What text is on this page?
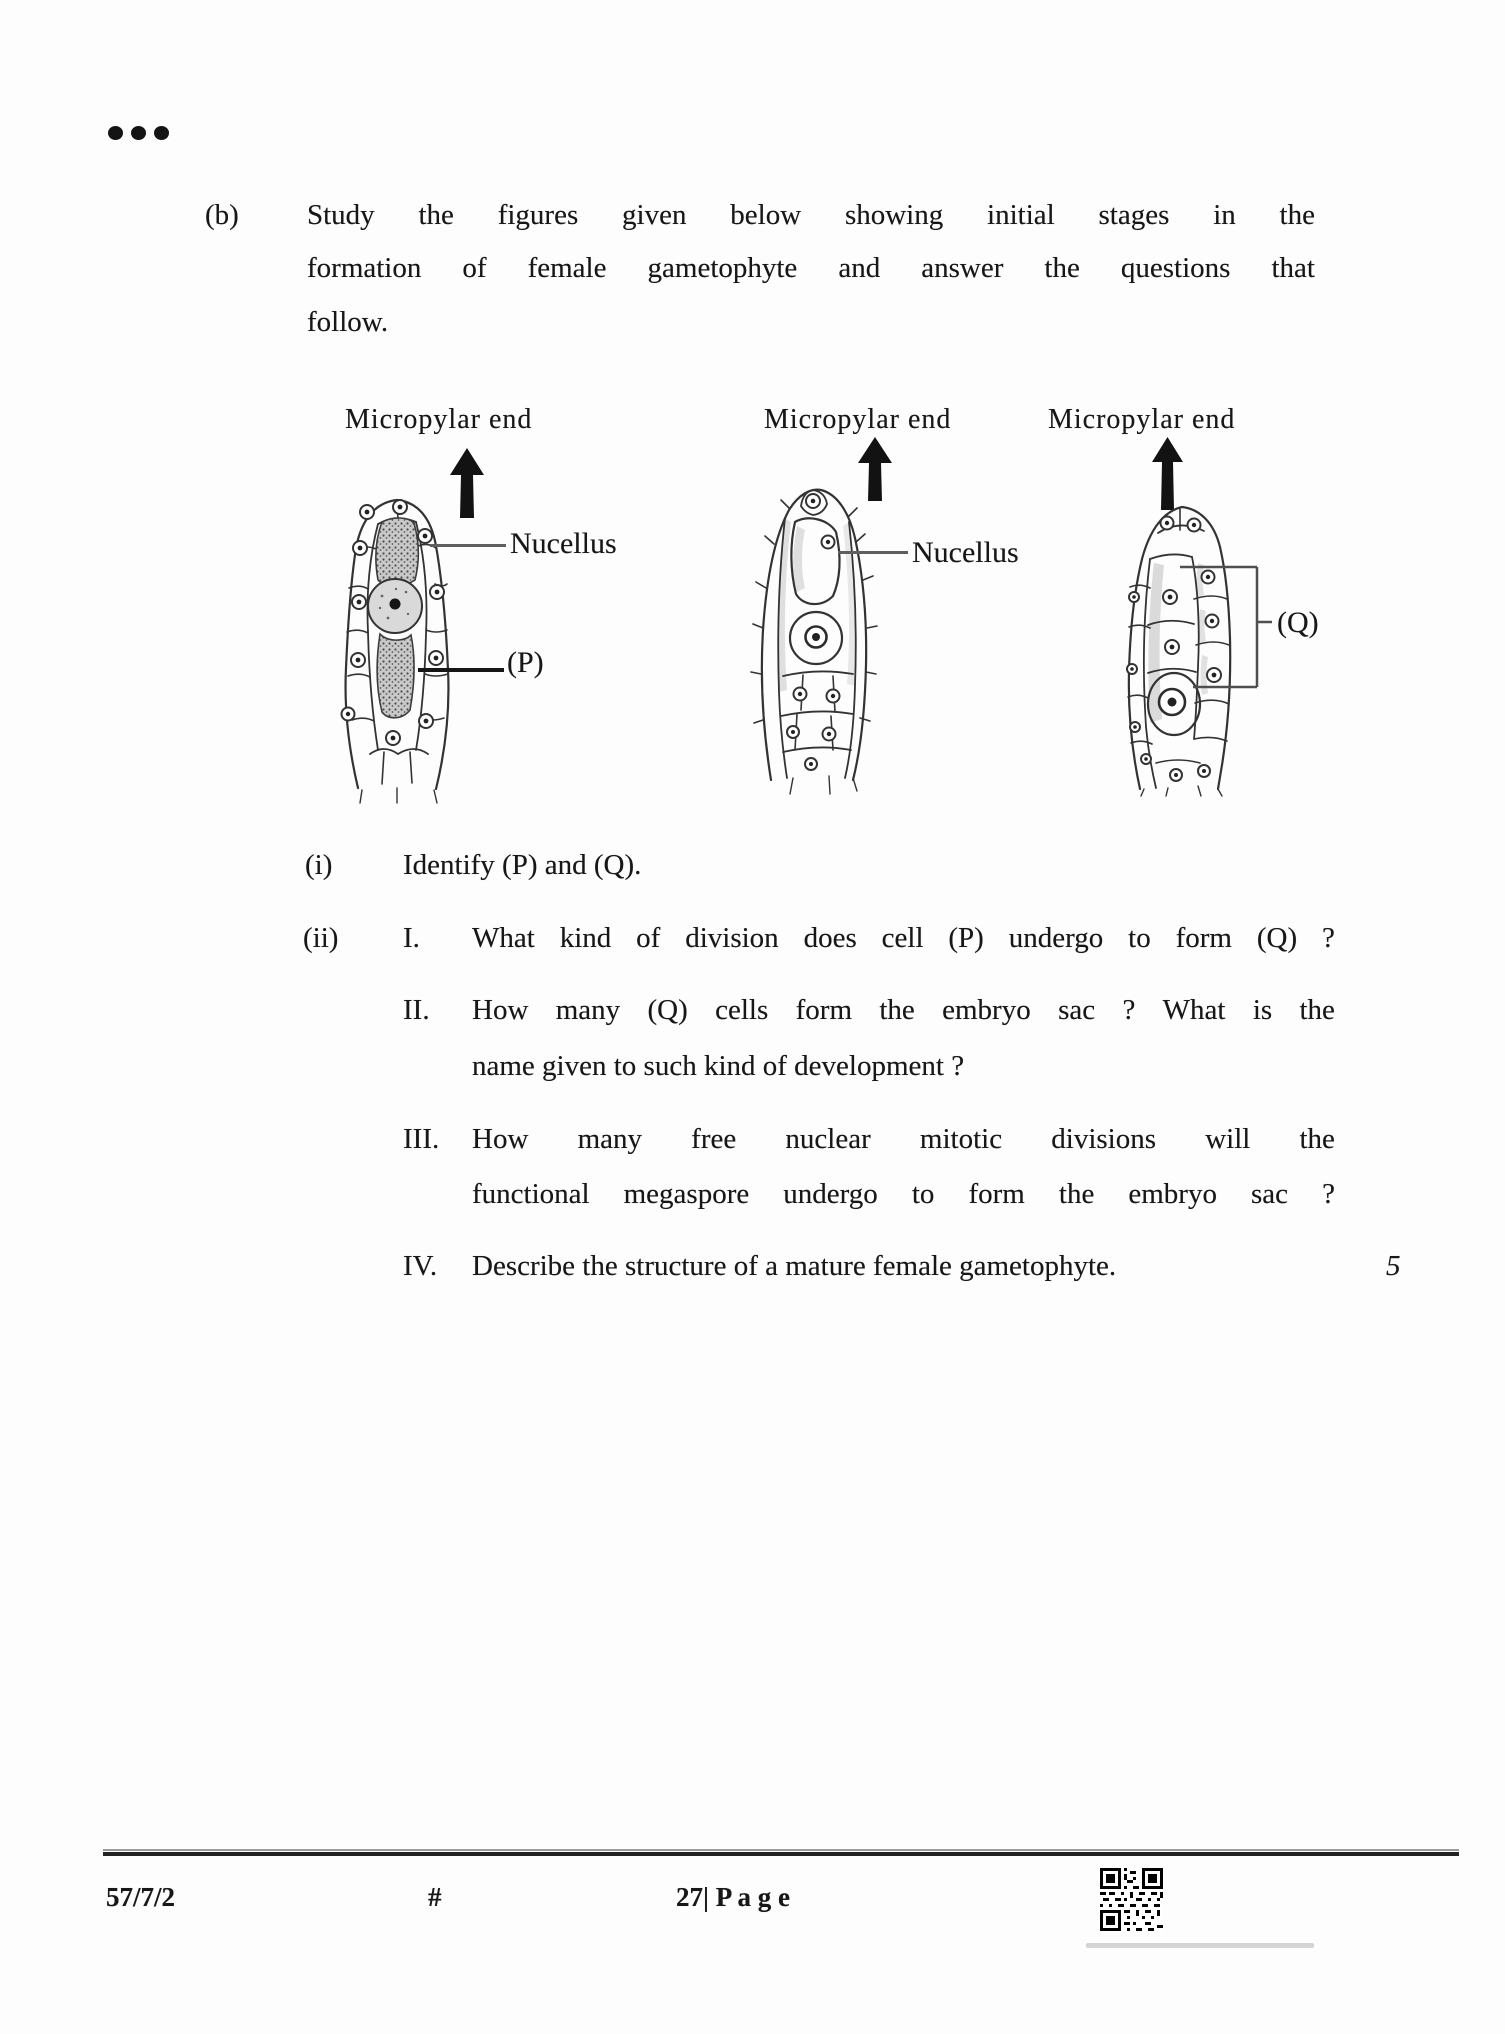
(b) Study the figures given below showing initial stages in the
formation of female gametophyte and answer the questions that
follow.
Micropylar end	Micropylar end	Micropylar end
Nucellus	Nucellus
(P)
(Q)
(i) Identify (P) and (Q).
(ii) I. What kind of division does cell (P) undergo to form (Q) ?
II. How many (Q) cells form the embryo sac ? What is the
name given to such kind of development ?
III. How many free nuclear mitotic divisions will the
functional megaspore undergo to form the embryo sac ?
IV. Describe the structure of a mature female gametophyte.	5
57/7/2	#	27| P a g e
